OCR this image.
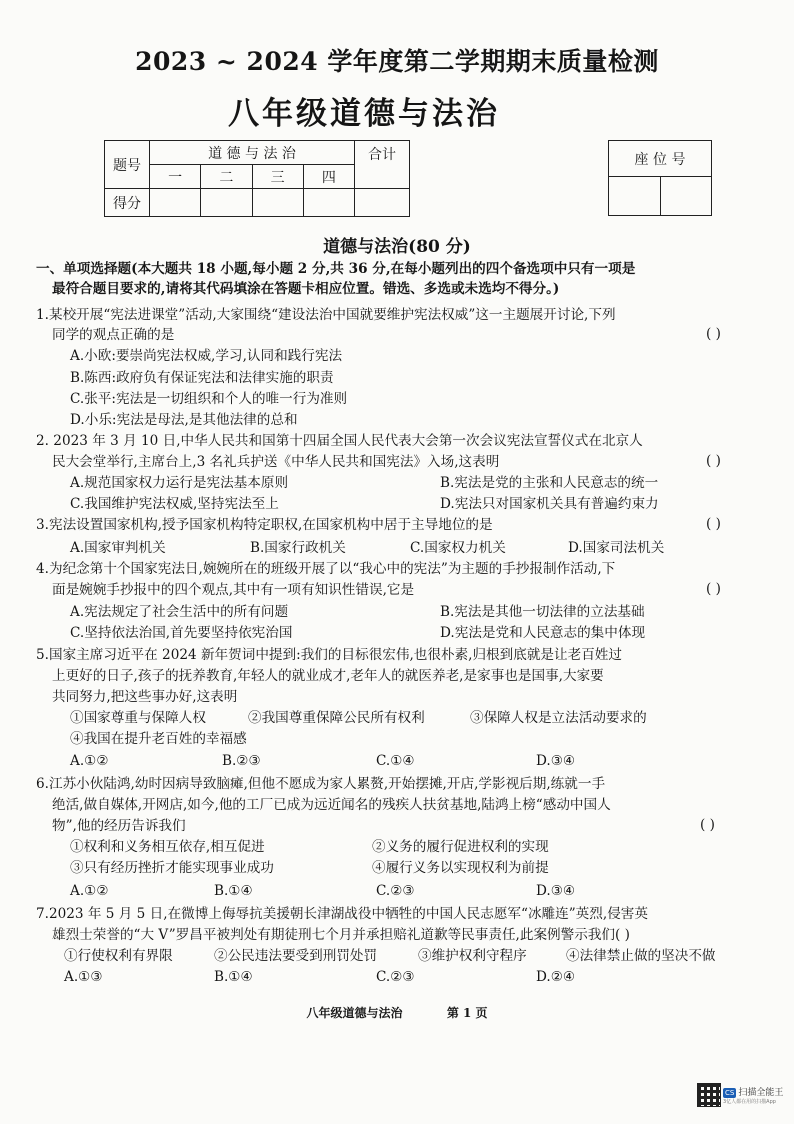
2023 ~ 2024 学年度第二学期期末质量检测
八年级道德与法治
题号	道 德 与 法 治				合计
	一	二	三	四	
得分					
座 位 号

道德与法治(80 分)
一、单项选择题(本大题共 18 小题,每小题 2 分,共 36 分,在每小题列出的四个备选项中只有一项是
最符合题目要求的,请将其代码填涂在答题卡相应位置。错选、多选或未选均不得分。)
1.某校开展“宪法进课堂”活动,大家围绕“建设法治中国就要维护宪法权威”这一主题展开讨论,下列
同学的观点正确的是	( )
A.小欧:要崇尚宪法权威,学习,认同和践行宪法
B.陈西:政府负有保证宪法和法律实施的职责
C.张平:宪法是一切组织和个人的唯一行为准则
D.小乐:宪法是母法,是其他法律的总和
2. 2023 年 3 月 10 日,中华人民共和国第十四届全国人民代表大会第一次会议宪法宣誓仪式在北京人
民大会堂举行,主席台上,3 名礼兵护送《中华人民共和国宪法》入场,这表明	( )
A.规范国家权力运行是宪法基本原则	B.宪法是党的主张和人民意志的统一
C.我国维护宪法权威,坚持宪法至上	D.宪法只对国家机关具有普遍约束力
3.宪法设置国家机构,授予国家机构特定职权,在国家机构中居于主导地位的是	( )
A.国家审判机关	B.国家行政机关	C.国家权力机关	D.国家司法机关
4.为纪念第十个国家宪法日,婉婉所在的班级开展了以“我心中的宪法”为主题的手抄报制作活动,下
面是婉婉手抄报中的四个观点,其中有一项有知识性错误,它是	( )
A.宪法规定了社会生活中的所有问题	B.宪法是其他一切法律的立法基础
C.坚持依法治国,首先要坚持依宪治国	D.宪法是党和人民意志的集中体现
5.国家主席习近平在 2024 新年贺词中提到:我们的目标很宏伟,也很朴素,归根到底就是让老百姓过
上更好的日子,孩子的抚养教育,年轻人的就业成才,老年人的就医养老,是家事也是国事,大家要
共同努力,把这些事办好,这表明
①国家尊重与保障人权	②我国尊重保障公民所有权利	③保障人权是立法活动要求的
④我国在提升老百姓的幸福感
A.①②	B.②③	C.①④	D.③④
6.江苏小伙陆鸿,幼时因病导致脑瘫,但他不愿成为家人累赘,开始摆摊,开店,学影视后期,练就一手
绝活,做自媒体,开网店,如今,他的工厂已成为远近闻名的残疾人扶贫基地,陆鸿上榜“感动中国人
物”,他的经历告诉我们	( )
①权利和义务相互依存,相互促进	②义务的履行促进权利的实现
③只有经历挫折才能实现事业成功	④履行义务以实现权利为前提
A.①②	B.①④	C.②③	D.③④
7.2023 年 5 月 5 日,在微博上侮辱抗美援朝长津湖战役中牺牲的中国人民志愿军“冰雕连”英烈,侵害英
雄烈士荣誉的“大 V”罗昌平被判处有期徒刑七个月并承担赔礼道歉等民事责任,此案例警示我们( )
①行使权利有界限	②公民违法要受到刑罚处罚	③维护权利守程序	④法律禁止做的坚决不做
A.①③	B.①④	C.②③	D.②④
八年级道德与法治	第 1 页
CS 扫描全能王
3亿人都在用的扫描App
